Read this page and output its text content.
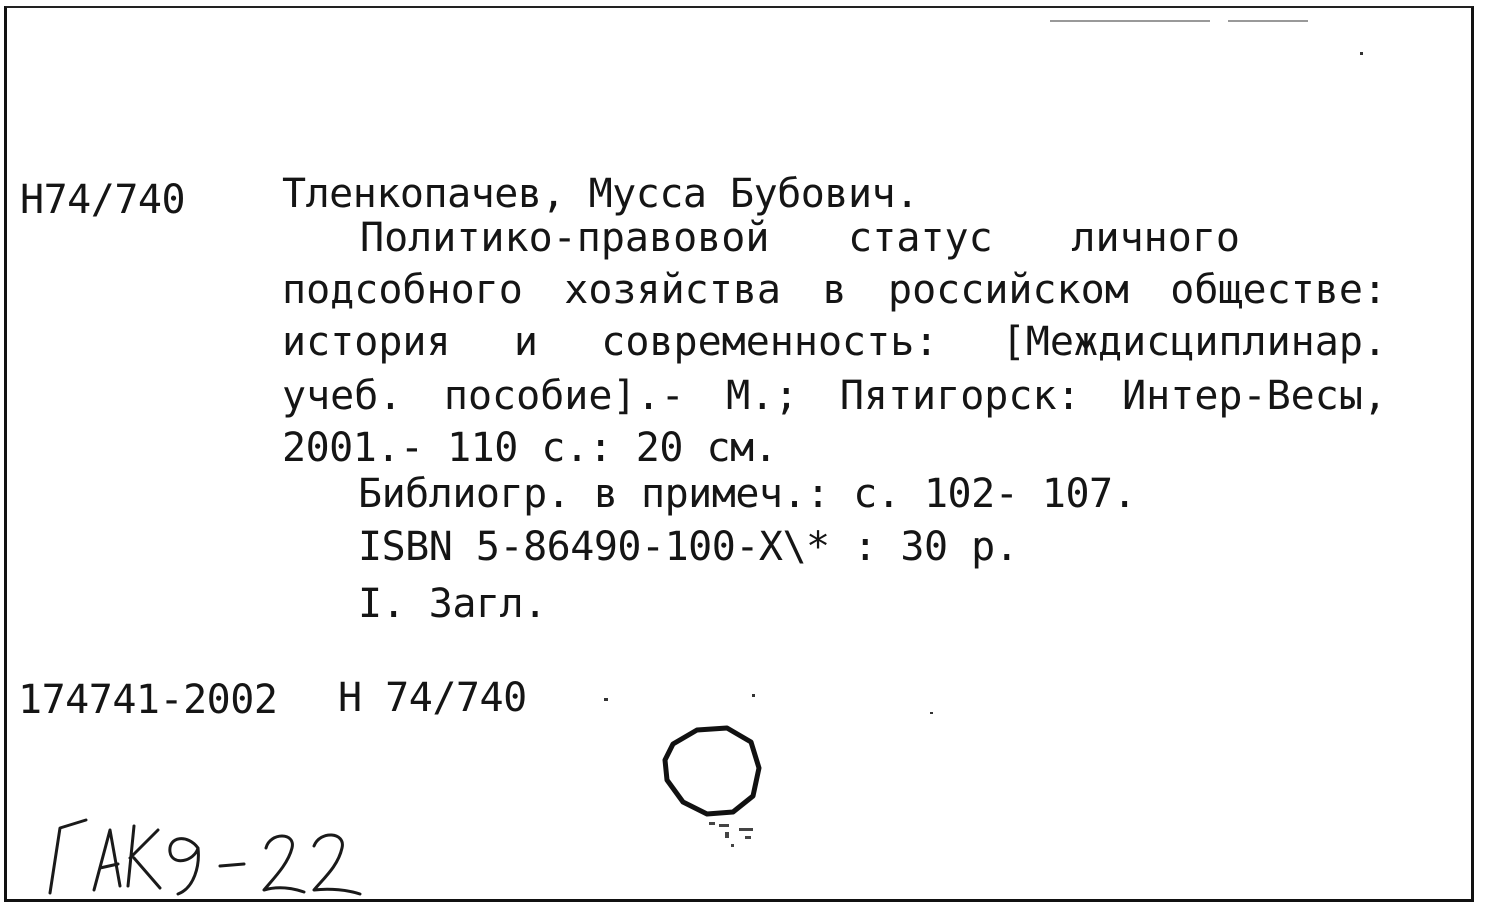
Н74/740 Тленкопачев, Мусса Бубович.
Политико-правовой статус личного
подсобного хозяйства в российском обществе:
история и современность: [Междисциплинар.
учеб. пособие].- М.; Пятигорск: Интер-Весы,
2001.- 110 с.: 20 см.
Библиогр. в примеч.: с. 102- 107.
ISBN 5-86490-100-X\* : 30 р.
I. Загл.
174741-2002 Н 74/740
